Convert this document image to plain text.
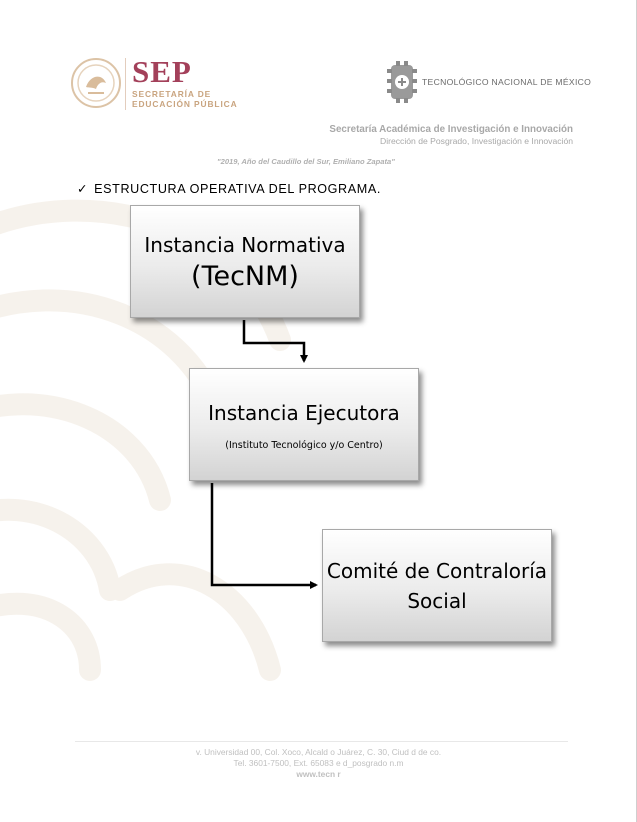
SEP
SECRETARÍA DE
EDUCACIÓN PÚBLICA
TECNOLÓGICO NACIONAL DE MÉXICO
Secretaría Académica de Investigación e Innovación
Dirección de Posgrado, Investigación e Innovación
"2019, Año del Caudillo del Sur, Emiliano Zapata"
✓ ESTRUCTURA OPERATIVA DEL PROGRAMA.
Instancia Normativa
(TecNM)
Instancia Ejecutora
(Instituto Tecnológico y/o Centro)
Comité de Contraloría
Social
v. Universidad 00, Col. Xoco, Alcald o Juárez, C. 30, Ciud d de co.
Tel. 3601-7500, Ext. 65083 e d_posgrado n.m
www.tecn r
